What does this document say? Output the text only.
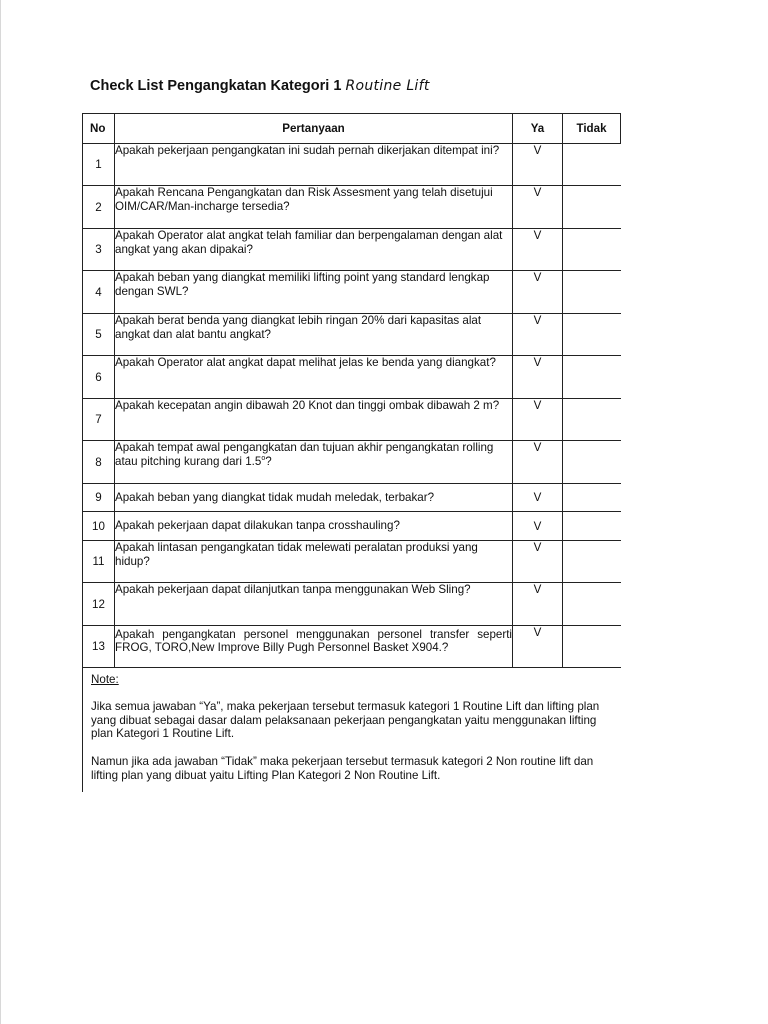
Check List Pengangkatan Kategori 1 Routine Lift
No	Pertanyaan	Ya	Tidak
1	Apakah pekerjaan pengangkatan ini sudah pernah dikerjakan ditempat ini?	V	
2	Apakah Rencana Pengangkatan dan Risk Assesment yang telah disetujui OIM/CAR/Man-incharge tersedia?	V	
3	Apakah Operator alat angkat telah familiar dan berpengalaman dengan alat angkat yang akan dipakai?	V	
4	Apakah beban yang diangkat memiliki lifting point yang standard lengkap dengan SWL?	V	
5	Apakah berat benda yang diangkat lebih ringan 20% dari kapasitas alat angkat dan alat bantu angkat?	V	
6	Apakah Operator alat angkat dapat melihat jelas ke benda yang diangkat?	V	
7	Apakah kecepatan angin dibawah 20 Knot dan tinggi ombak dibawah 2 m?	V	
8	Apakah tempat awal pengangkatan dan tujuan akhir pengangkatan rolling atau pitching kurang dari 1.5$^o$?	V	
9	Apakah beban yang diangkat tidak mudah meledak, terbakar?	V	
10	Apakah pekerjaan dapat dilakukan tanpa crosshauling?	V	
11	Apakah lintasan pengangkatan tidak melewati peralatan produksi yang hidup?	V	
12	Apakah pekerjaan dapat dilanjutkan tanpa menggunakan Web Sling?	V	
13	Apakah pengangkatan personel menggunakan personel transfer seperti FROG, TORO,New Improve Billy Pugh Personnel Basket X904.?	V	
Note:
Jika semua jawaban “Ya”, maka pekerjaan tersebut termasuk kategori 1 Routine Lift dan lifting plan yang dibuat sebagai dasar dalam pelaksanaan pekerjaan pengangkatan yaitu menggunakan lifting plan Kategori 1 Routine Lift.
Namun jika ada jawaban “Tidak” maka pekerjaan tersebut termasuk kategori 2 Non routine lift dan lifting plan yang dibuat yaitu Lifting Plan Kategori 2 Non Routine Lift.
